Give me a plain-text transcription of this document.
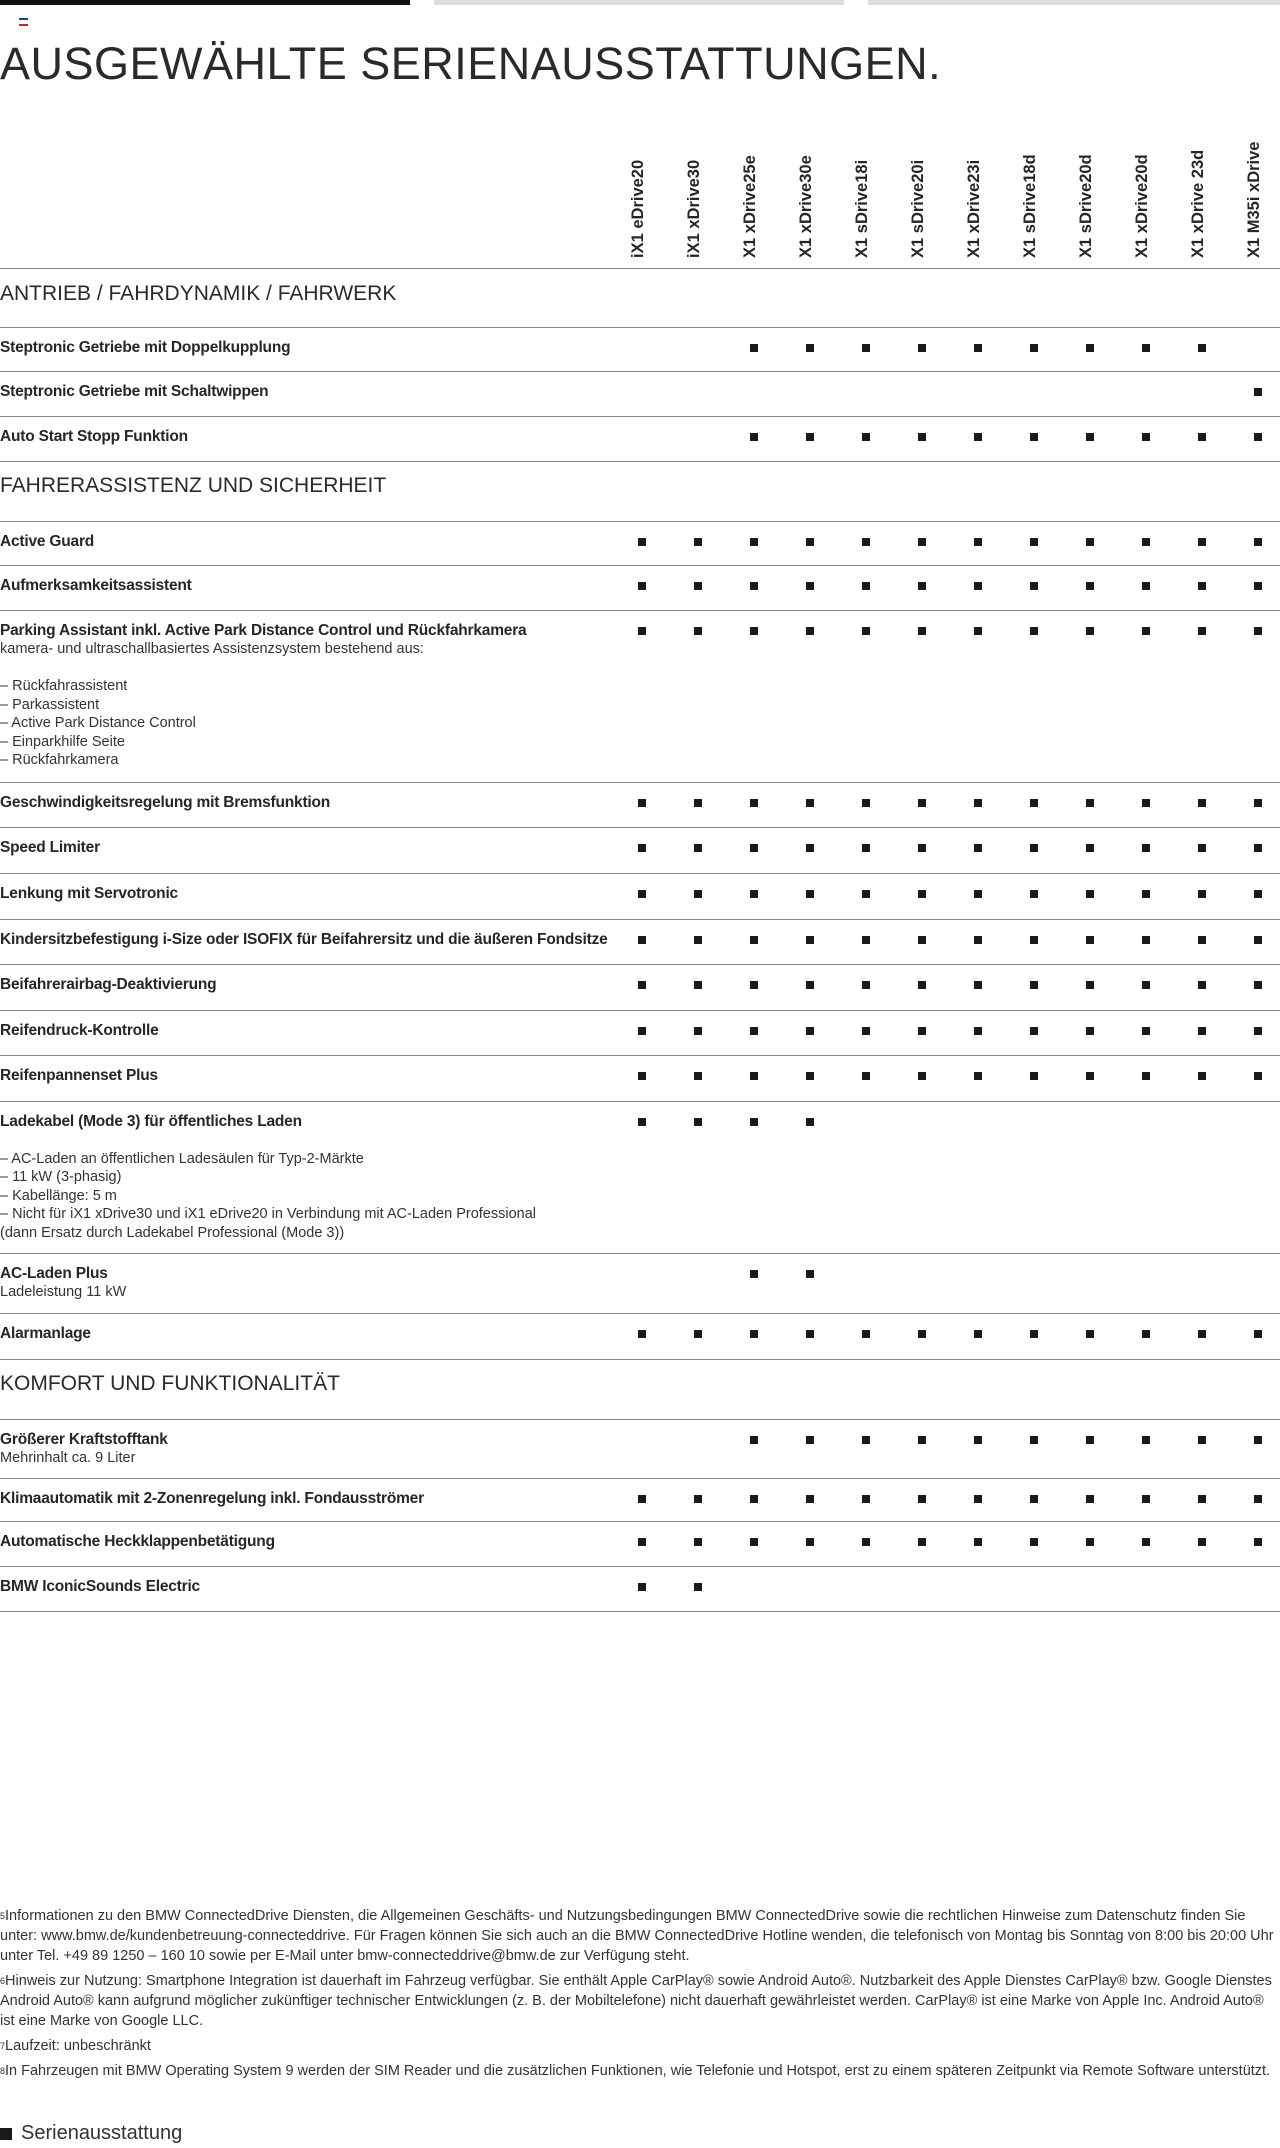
AUSGEWÄHLTE SERIENAUSSTATTUNGEN.
iX1 eDrive20 iX1 xDrive30 X1 xDrive25e X1 xDrive30e X1 sDrive18i X1 sDrive20i X1 xDrive23i X1 sDrive18d X1 sDrive20d X1 xDrive20d X1 xDrive 23d X1 M35i xDrive
ANTRIEB / FAHRDYNAMIK / FAHRWERK
Steptronic Getriebe mit Doppelkupplung
Steptronic Getriebe mit Schaltwippen
Auto Start Stopp Funktion
FAHRERASSISTENZ UND SICHERHEIT
Active Guard
Aufmerksamkeitsassistent
Parking Assistant inkl. Active Park Distance Control und Rückfahrkamera
kamera- und ultraschallbasiertes Assistenzsystem bestehend aus:

– Rückfahrassistent
– Parkassistent
– Active Park Distance Control
– Einparkhilfe Seite
– Rückfahrkamera
Geschwindigkeitsregelung mit Bremsfunktion
Speed Limiter
Lenkung mit Servotronic
Kindersitzbefestigung i-Size oder ISOFIX für Beifahrersitz und die äußeren Fondsitze
Beifahrerairbag-Deaktivierung
Reifendruck-Kontrolle
Reifenpannenset Plus
Ladekabel (Mode 3) für öffentliches Laden

– AC-Laden an öffentlichen Ladesäulen für Typ-2-Märkte
– 11 kW (3-phasig)
– Kabellänge: 5 m
– Nicht für iX1 xDrive30 und iX1 eDrive20 in Verbindung mit AC-Laden Professional
(dann Ersatz durch Ladekabel Professional (Mode 3))
AC-Laden Plus
Ladeleistung 11 kW
Alarmanlage
KOMFORT UND FUNKTIONALITÄT
Größerer Kraftstofftank
Mehrinhalt ca. 9 Liter
Klimaautomatik mit 2-Zonenregelung inkl. Fondausströmer
Automatische Heckklappenbetätigung
BMW IconicSounds Electric
$^5$Informationen zu den BMW ConnectedDrive Diensten, die Allgemeinen Geschäfts- und Nutzungsbedingungen BMW ConnectedDrive sowie die rechtlichen Hinweise zum Datenschutz finden Sie unter: www.bmw.de/kundenbetreuung-connecteddrive. Für Fragen können Sie sich auch an die BMW ConnectedDrive Hotline wenden, die telefonisch von Montag bis Sonntag von 8:00 bis 20:00 Uhr unter Tel. +49 89 1250 – 160 10 sowie per E-Mail unter bmw-connecteddrive@bmw.de zur Verfügung steht.
$^6$Hinweis zur Nutzung: Smartphone Integration ist dauerhaft im Fahrzeug verfügbar. Sie enthält Apple CarPlay® sowie Android Auto®. Nutzbarkeit des Apple Dienstes CarPlay® bzw. Google Dienstes Android Auto® kann aufgrund möglicher zukünftiger technischer Entwicklungen (z. B. der Mobiltelefone) nicht dauerhaft gewährleistet werden. CarPlay® ist eine Marke von Apple Inc. Android Auto® ist eine Marke von Google LLC.
$^7$Laufzeit: unbeschränkt
$^8$In Fahrzeugen mit BMW Operating System 9 werden der SIM Reader und die zusätzlichen Funktionen, wie Telefonie und Hotspot, erst zu einem späteren Zeitpunkt via Remote Software unterstützt.
Serienausstattung
